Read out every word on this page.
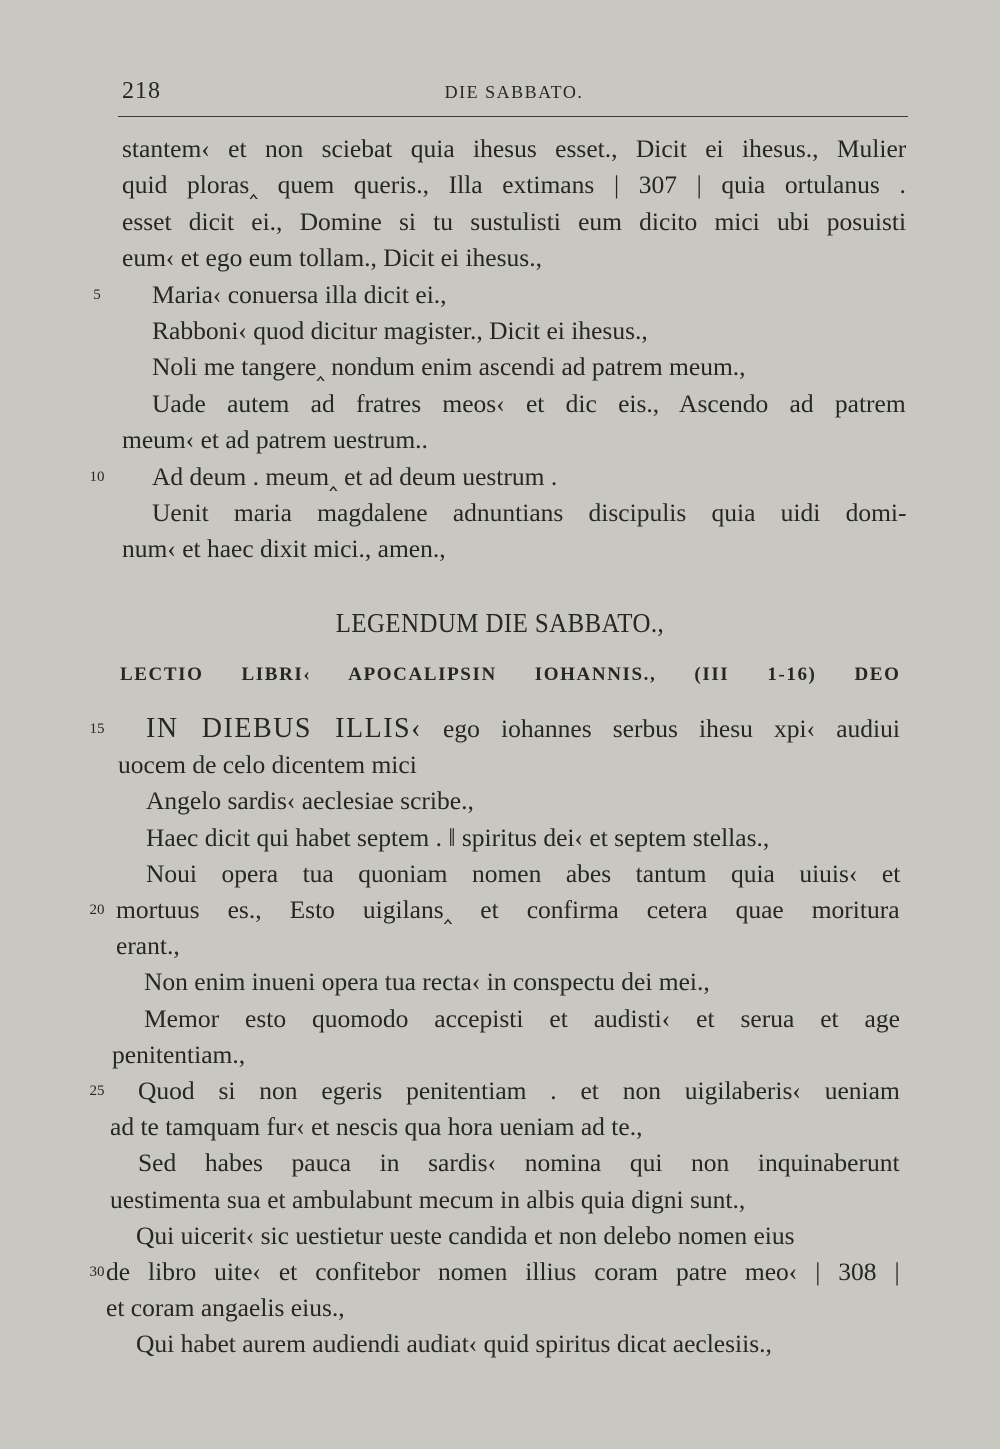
218	DIE SABBATO.
stantem‹ et non sciebat quia ihesus esset., Dicit ei ihesus., Mulier
quid ploras‸ quem queris., Illa extimans | 307 | quia ortulanus .
esset dicit ei., Domine si tu sustulisti eum dicito mici ubi posuisti
eum‹ et ego eum tollam., Dicit ei ihesus.,
5	Maria‹ conuersa illa dicit ei.,
Rabboni‹ quod dicitur magister., Dicit ei ihesus.,
Noli me tangere‸ nondum enim ascendi ad patrem meum.,
Uade autem ad fratres meos‹ et dic eis., Ascendo ad patrem
meum‹ et ad patrem uestrum..
10	Ad deum . meum‸ et ad deum uestrum .
Uenit maria magdalene adnuntians discipulis quia uidi domi-
num‹ et haec dixit mici., amen.,
LEGENDUM DIE SABBATO.,
LECTIO LIBRI‹ APOCALIPSIN IOHANNIS., (III 1-16) DEO
15	IN DIEBUS ILLIS‹ ego iohannes serbus ihesu xpi‹ audiui
uocem de celo dicentem mici
Angelo sardis‹ aeclesiae scribe.,
Haec dicit qui habet septem . ‖ spiritus dei‹ et septem stellas.,
Noui opera tua quoniam nomen abes tantum quia uiuis‹ et
20 mortuus es., Esto uigilans‸ et confirma cetera quae moritura
erant.,
Non enim inueni opera tua recta‹ in conspectu dei mei.,
Memor esto quomodo accepisti et audisti‹ et serua et age
penitentiam.,
25	Quod si non egeris penitentiam . et non uigilaberis‹ ueniam
ad te tamquam fur‹ et nescis qua hora ueniam ad te.,
Sed habes pauca in sardis‹ nomina qui non inquinaberunt
uestimenta sua et ambulabunt mecum in albis quia digni sunt.,
Qui uicerit‹ sic uestietur ueste candida et non delebo nomen eius
30 de libro uite‹ et confitebor nomen illius coram patre meo‹ | 308 |
et coram angaelis eius.,
Qui habet aurem audiendi audiat‹ quid spiritus dicat aeclesiis.,
